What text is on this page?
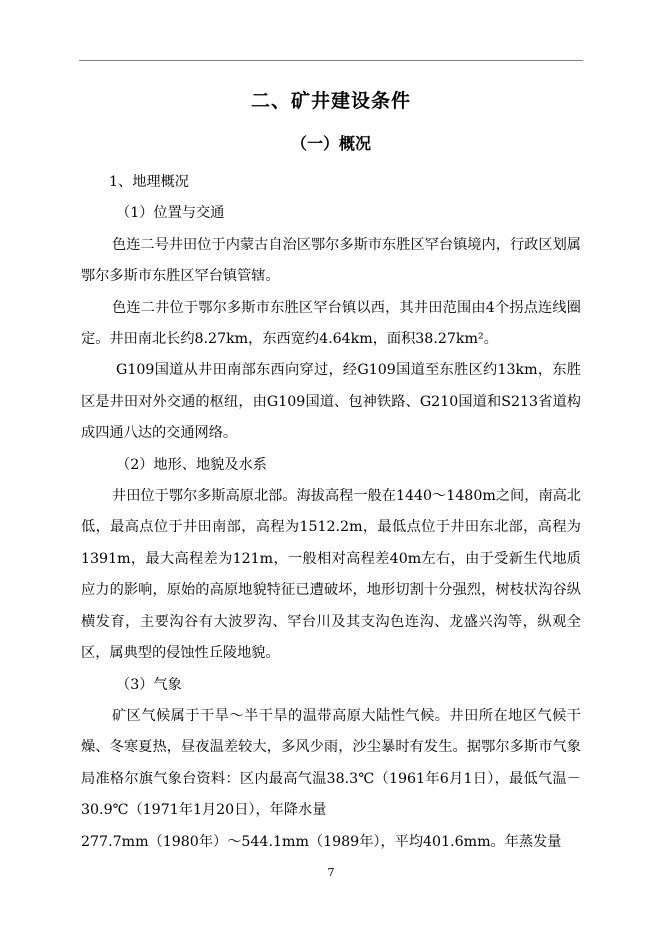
二、矿井建设条件
（一）概况

1、地理概况

（1）位置与交通

色连二号井田位于内蒙古自治区鄂尔多斯市东胜区罕台镇境内，行政区划属鄂尔多斯市东胜区罕台镇管辖。

色连二井位于鄂尔多斯市东胜区罕台镇以西，其井田范围由4个拐点连线圈定。井田南北长约8.27km，东西宽约4.64km，面积38.27km²。

G109国道从井田南部东西向穿过，经G109国道至东胜区约13km，东胜区是井田对外交通的枢纽，由G109国道、包神铁路、G210国道和S213省道构成四通八达的交通网络。

（2）地形、地貌及水系

井田位于鄂尔多斯高原北部。海拔高程一般在1440～1480m之间，南高北低，最高点位于井田南部，高程为1512.2m，最低点位于井田东北部，高程为1391m，最大高程差为121m，一般相对高程差40m左右，由于受新生代地质应力的影响，原始的高原地貌特征已遭破坏，地形切割十分强烈，树枝状沟谷纵横发育，主要沟谷有大波罗沟、罕台川及其支沟色连沟、龙盛兴沟等，纵观全区，属典型的侵蚀性丘陵地貌。

（3）气象

矿区气候属于干旱～半干旱的温带高原大陆性气候。井田所在地区气候干燥、冬寒夏热，昼夜温差较大，多风少雨，沙尘暴时有发生。据鄂尔多斯市气象局准格尔旗气象台资料：区内最高气温38.3℃（1961年6月1日），最低气温－30.9℃（1971年1月20日），年降水量

277.7mm（1980年）～544.1mm（1989年），平均401.6mm。年蒸发量

7
